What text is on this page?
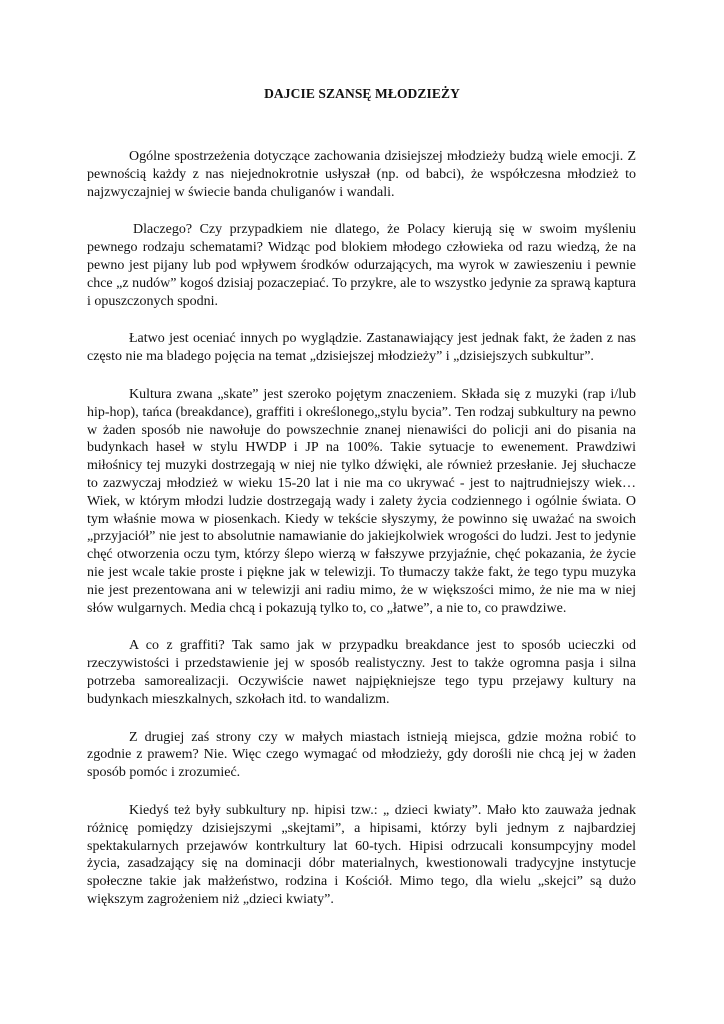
DAJCIE SZANSĘ MŁODZIEŻY

Ogólne spostrzeżenia dotyczące zachowania dzisiejszej młodzieży budzą wiele emocji. Z pewnością każdy z nas niejednokrotnie usłyszał (np. od babci), że współczesna młodzież to najzwyczajniej w świecie banda chuliganów i wandali.

Dlaczego? Czy przypadkiem nie dlatego, że Polacy kierują się w swoim myśleniu pewnego rodzaju schematami? Widząc pod blokiem młodego człowieka od razu wiedzą, że na pewno jest pijany lub pod wpływem środków odurzających, ma wyrok w zawieszeniu i pewnie chce „z nudów” kogoś dzisiaj pozaczepiać. To przykre, ale to wszystko jedynie za sprawą kaptura i opuszczonych spodni.

Łatwo jest oceniać innych po wyglądzie. Zastanawiający jest jednak fakt, że żaden z nas często nie ma bladego pojęcia na temat „dzisiejszej młodzieży” i „dzisiejszych subkultur”.

Kultura zwana „skate” jest szeroko pojętym znaczeniem. Składa się z muzyki (rap i/lub hip-hop), tańca (breakdance), graffiti i określonego„stylu bycia”. Ten rodzaj subkultury na pewno w żaden sposób nie nawołuje do powszechnie znanej nienawiści do policji ani do pisania na budynkach haseł w stylu HWDP i JP na 100%. Takie sytuacje to ewenement. Prawdziwi miłośnicy tej muzyki dostrzegają w niej nie tylko dźwięki, ale również przesłanie. Jej słuchacze to zazwyczaj młodzież w wieku 15-20 lat i nie ma co ukrywać - jest to najtrudniejszy wiek… Wiek, w którym młodzi ludzie dostrzegają wady i zalety życia codziennego i ogólnie świata. O tym właśnie mowa w piosenkach. Kiedy w tekście słyszymy, że powinno się uważać na swoich „przyjaciół” nie jest to absolutnie namawianie do jakiejkolwiek wrogości do ludzi. Jest to jedynie chęć otworzenia oczu tym, którzy ślepo wierzą w fałszywe przyjaźnie, chęć pokazania, że życie nie jest wcale takie proste i piękne jak w telewizji. To tłumaczy także fakt, że tego typu muzyka nie jest prezentowana ani w telewizji ani radiu mimo, że w większości mimo, że nie ma w niej słów wulgarnych. Media chcą i pokazują tylko to, co „łatwe”, a nie to, co prawdziwe.

A co z graffiti? Tak samo jak w przypadku breakdance jest to sposób ucieczki od rzeczywistości i przedstawienie jej w sposób realistyczny. Jest to także ogromna pasja i silna potrzeba samorealizacji. Oczywiście nawet najpiękniejsze tego typu przejawy kultury na budynkach mieszkalnych, szkołach itd. to wandalizm.

Z drugiej zaś strony czy w małych miastach istnieją miejsca, gdzie można robić to zgodnie z prawem? Nie. Więc czego wymagać od młodzieży, gdy dorośli nie chcą jej w żaden sposób pomóc i zrozumieć.

Kiedyś też były subkultury np. hipisi tzw.: „ dzieci kwiaty”. Mało kto zauważa jednak różnicę pomiędzy dzisiejszymi „skejtami”, a hipisami, którzy byli jednym z najbardziej spektakularnych przejawów kontrkultury lat 60-tych. Hipisi odrzucali konsumpcyjny model życia, zasadzający się na dominacji dóbr materialnych, kwestionowali tradycyjne instytucje społeczne takie jak małżeństwo, rodzina i Kościół. Mimo tego, dla wielu „skejci” są dużo większym zagrożeniem niż „dzieci kwiaty”.
